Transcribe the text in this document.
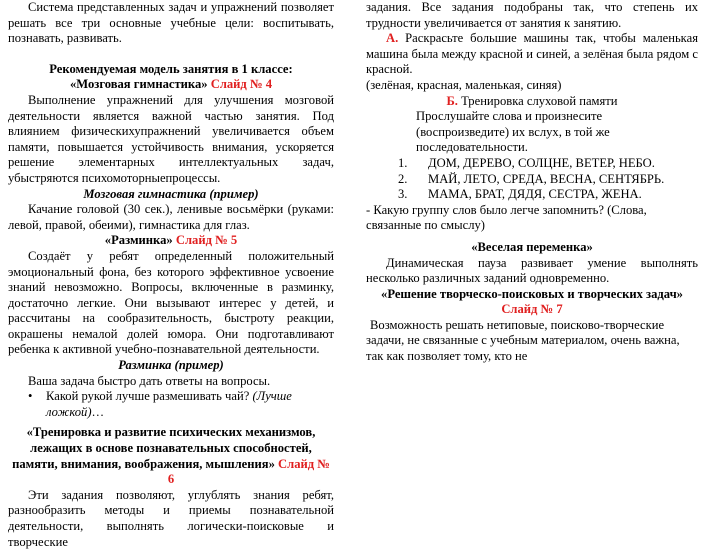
Система представленных задач и упражнений позволяет решать все три основные учебные цели: воспитывать, познавать, развивать.

Рекомендуемая модель занятия в 1 классе:

«Мозговая гимнастика» Слайд № 4

Выполнение упражнений для улучшения мозговой деятельности является важной частью занятия. Под влиянием физическихупражнений увеличивается объем памяти, повышается устойчивость внимания, ускоряется решение элементарных интеллектуальных задач, убыстряются психомоторныепроцессы.

Мозговая гимнастика (пример)

Качание головой (30 сек.), ленивые восьмёрки (руками: левой, правой, обеими), гимнастика для глаз.

«Разминка» Слайд № 5

Создаёт у ребят определенный положительный эмоциональный фона, без которого эффективное усвоение знаний невозможно. Вопросы, включенные в разминку, достаточно легкие. Они вызывают интерес у детей, и рассчитаны на сообразительность, быстроту реакции, окрашены немалой долей юмора. Они подготавливают ребенка к активной учебно-познавательной деятельности.

Разминка (пример)

Ваша задача быстро дать ответы на вопросы.

• Какой рукой лучше размешивать чай? (Лучше ложкой)…

«Тренировка и развитие психических механизмов, лежащих в основе познавательных способностей, памяти, внимания, воображения, мышления» Слайд № 6

Эти задания позволяют, углублять знания ребят, разнообразить методы и приемы познавательной деятельности, выполнять логически-поисковые и творческие

задания. Все задания подобраны так, что степень их трудности увеличивается от занятия к занятию.

А. Раскрасьте большие машины так, чтобы маленькая машина была между красной и синей, а зелёная была рядом с красной.

(зелёная, красная, маленькая, синяя)

Б. Тренировка слуховой памяти

Прослушайте слова и произнесите (воспроизведите) их вслух, в той же последовательности.

1. ДОМ, ДЕРЕВО, СОЛЦНЕ, ВЕТЕР, НЕБО.
2. МАЙ, ЛЕТО, СРЕДА, ВЕСНА, СЕНТЯБРЬ.
3. МАМА, БРАТ, ДЯДЯ, СЕСТРА, ЖЕНА.

- Какую группу слов было легче запомнить? (Слова, связанные по смыслу)

«Веселая переменка»

Динамическая пауза развивает умение выполнять несколько различных заданий одновременно.

«Решение творческо-поисковых и творческих задач»

Слайд № 7

Возможность решать нетиповые, поисково-творческие задачи, не связанные с учебным материалом, очень важна, так как позволяет тому, кто не
